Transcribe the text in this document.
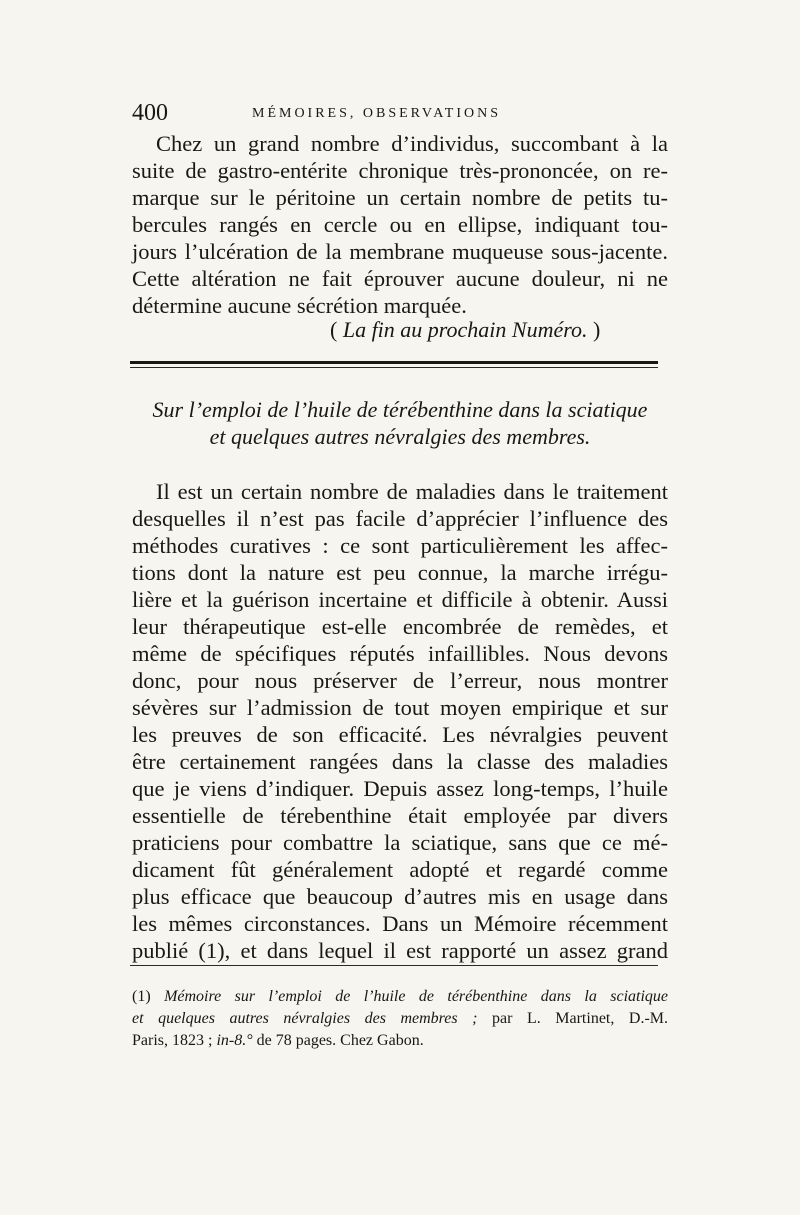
400	MÉMOIRES, OBSERVATIONS
Chez un grand nombre d’individus, succombant à la
suite de gastro-entérite chronique très-prononcée, on re-
marque sur le péritoine un certain nombre de petits tu-
bercules rangés en cercle ou en ellipse, indiquant tou-
jours l’ulcération de la membrane muqueuse sous-jacente.
Cette altération ne fait éprouver aucune douleur, ni ne
détermine aucune sécrétion marquée.
( La fin au prochain Numéro. )
Sur l’emploi de l’huile de térébenthine dans la sciatique
et quelques autres névralgies des membres.
Il est un certain nombre de maladies dans le traitement
desquelles il n’est pas facile d’apprécier l’influence des
méthodes curatives : ce sont particulièrement les affec-
tions dont la nature est peu connue, la marche irrégu-
lière et la guérison incertaine et difficile à obtenir. Aussi
leur thérapeutique est-elle encombrée de remèdes, et
même de spécifiques réputés infaillibles. Nous devons
donc, pour nous préserver de l’erreur, nous montrer
sévères sur l’admission de tout moyen empirique et sur
les preuves de son efficacité. Les névralgies peuvent
être certainement rangées dans la classe des maladies
que je viens d’indiquer. Depuis assez long-temps, l’huile
essentielle de térebenthine était employée par divers
praticiens pour combattre la sciatique, sans que ce mé-
dicament fût généralement adopté et regardé comme
plus efficace que beaucoup d’autres mis en usage dans
les mêmes circonstances. Dans un Mémoire récemment
publié (1), et dans lequel il est rapporté un assez grand
(1) Mémoire sur l’emploi de l’huile de térébenthine dans la sciatique
et quelques autres névralgies des membres ; par L. Martinet, D.-M.
Paris, 1823 ; in-8.° de 78 pages. Chez Gabon.
